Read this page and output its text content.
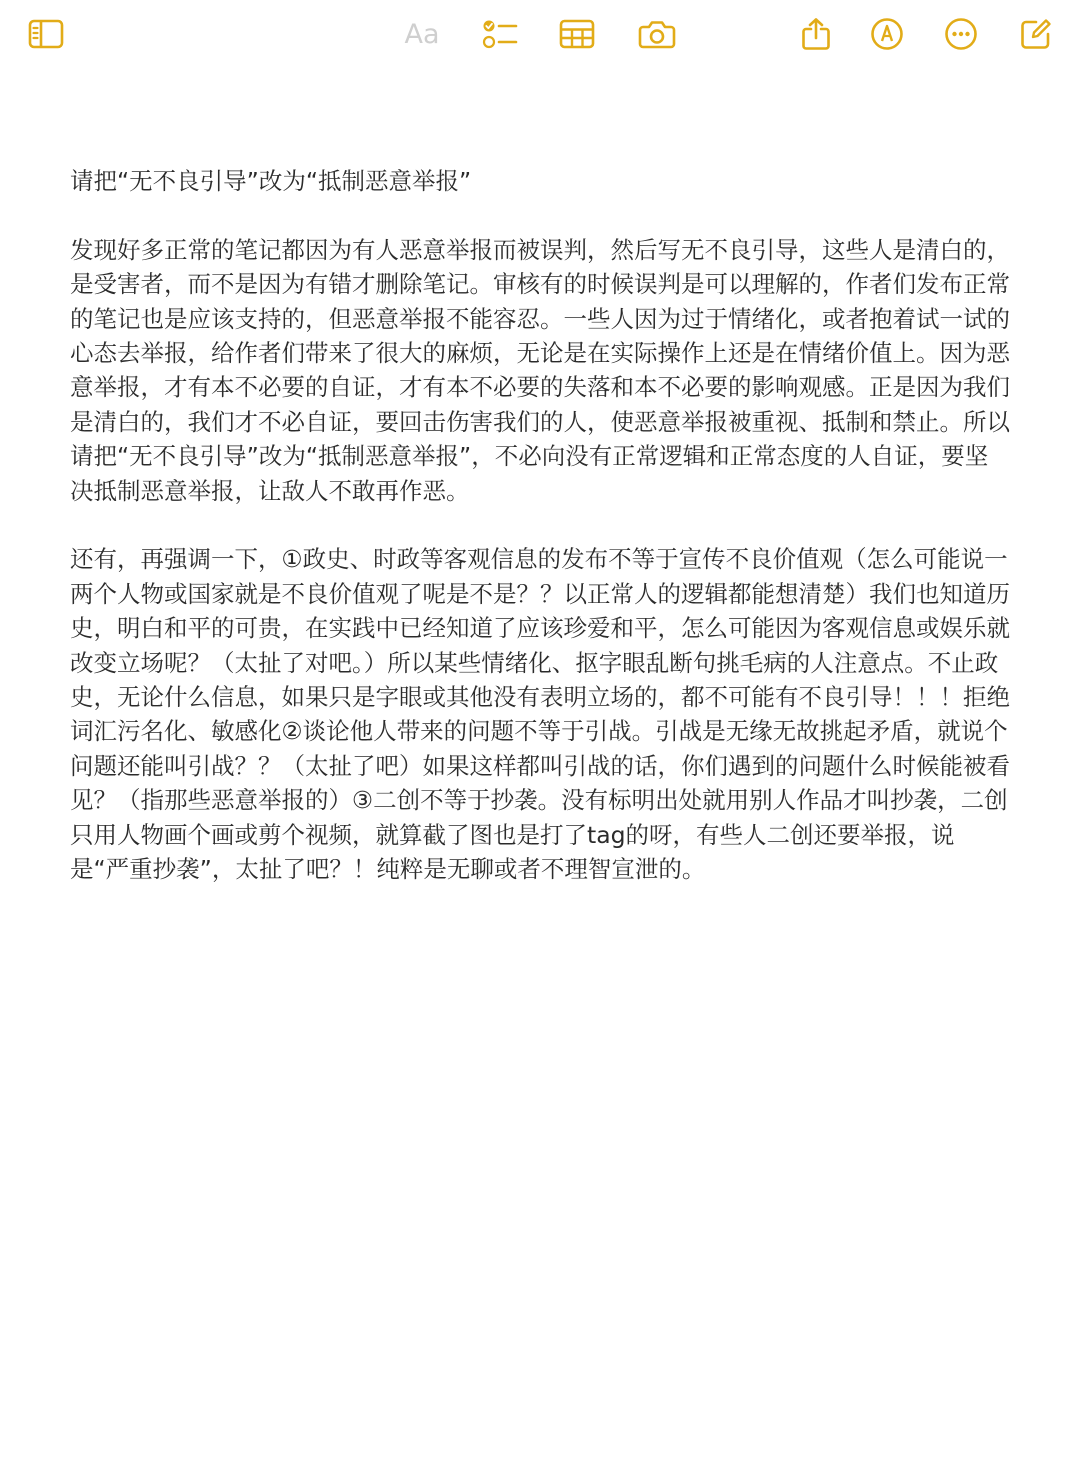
Aa

请把“无不良引导”改为“抵制恶意举报”

发现好多正常的笔记都因为有人恶意举报而被误判，然后写无不良引导，这些人是清白的，是受害者，而不是因为有错才删除笔记。审核有的时候误判是可以理解的，作者们发布正常的笔记也是应该支持的，但恶意举报不能容忍。一些人因为过于情绪化，或者抱着试一试的心态去举报，给作者们带来了很大的麻烦，无论是在实际操作上还是在情绪价值上。因为恶意举报，才有本不必要的自证，才有本不必要的失落和本不必要的影响观感。正是因为我们是清白的，我们才不必自证，要回击伤害我们的人，使恶意举报被重视、抵制和禁止。所以请把“无不良引导”改为“抵制恶意举报”，不必向没有正常逻辑和正常态度的人自证，要坚决抵制恶意举报，让敌人不敢再作恶。

还有，再强调一下，①政史、时政等客观信息的发布不等于宣传不良价值观（怎么可能说一两个人物或国家就是不良价值观了呢是不是？？以正常人的逻辑都能想清楚）我们也知道历史，明白和平的可贵，在实践中已经知道了应该珍爱和平，怎么可能因为客观信息或娱乐就改变立场呢？（太扯了对吧。）所以某些情绪化、抠字眼乱断句挑毛病的人注意点。不止政史，无论什么信息，如果只是字眼或其他没有表明立场的，都不可能有不良引导！！！拒绝词汇污名化、敏感化②谈论他人带来的问题不等于引战。引战是无缘无故挑起矛盾，就说个问题还能叫引战？？（太扯了吧）如果这样都叫引战的话，你们遇到的问题什么时候能被看见？（指那些恶意举报的）③二创不等于抄袭。没有标明出处就用别人作品才叫抄袭，二创只用人物画个画或剪个视频，就算截了图也是打了tag的呀，有些人二创还要举报，说是“严重抄袭”，太扯了吧？！纯粹是无聊或者不理智宣泄的。
